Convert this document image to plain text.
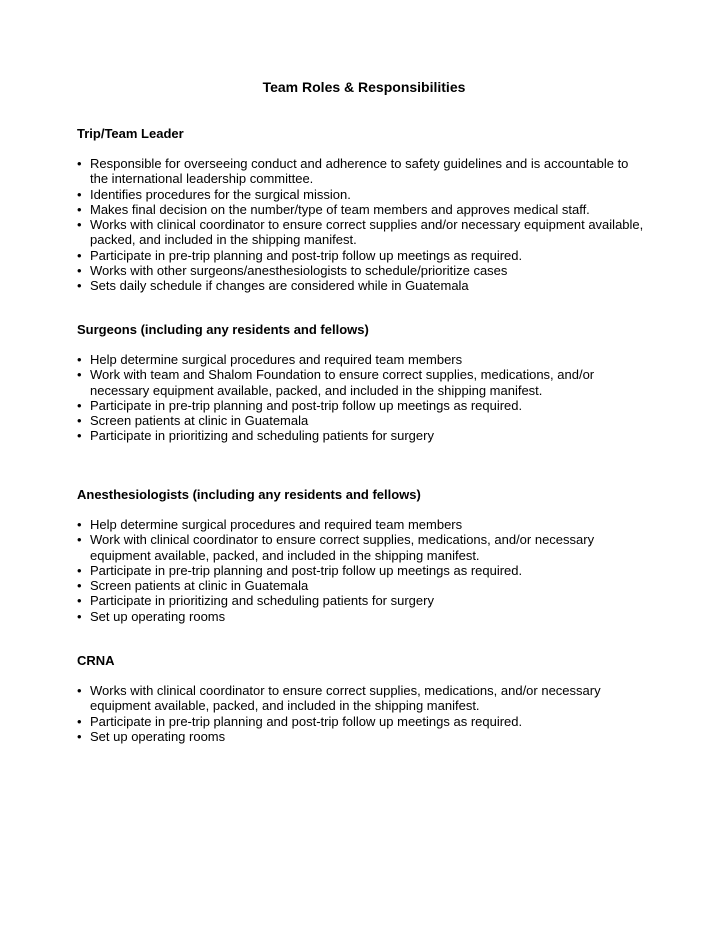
Team Roles & Responsibilities
Trip/Team Leader
• Responsible for overseeing conduct and adherence to safety guidelines and is accountable to
the international leadership committee.
• Identifies procedures for the surgical mission.
• Makes final decision on the number/type of team members and approves medical staff.
• Works with clinical coordinator to ensure correct supplies and/or necessary equipment available,
packed, and included in the shipping manifest.
• Participate in pre-trip planning and post-trip follow up meetings as required.
• Works with other surgeons/anesthesiologists to schedule/prioritize cases
• Sets daily schedule if changes are considered while in Guatemala
Surgeons (including any residents and fellows)
• Help determine surgical procedures and required team members
• Work with team and Shalom Foundation to ensure correct supplies, medications, and/or
necessary equipment available, packed, and included in the shipping manifest.
• Participate in pre-trip planning and post-trip follow up meetings as required.
• Screen patients at clinic in Guatemala
• Participate in prioritizing and scheduling patients for surgery
Anesthesiologists (including any residents and fellows)
• Help determine surgical procedures and required team members
• Work with clinical coordinator to ensure correct supplies, medications, and/or necessary
equipment available, packed, and included in the shipping manifest.
• Participate in pre-trip planning and post-trip follow up meetings as required.
• Screen patients at clinic in Guatemala
• Participate in prioritizing and scheduling patients for surgery
• Set up operating rooms
CRNA
• Works with clinical coordinator to ensure correct supplies, medications, and/or necessary
equipment available, packed, and included in the shipping manifest.
• Participate in pre-trip planning and post-trip follow up meetings as required.
• Set up operating rooms
